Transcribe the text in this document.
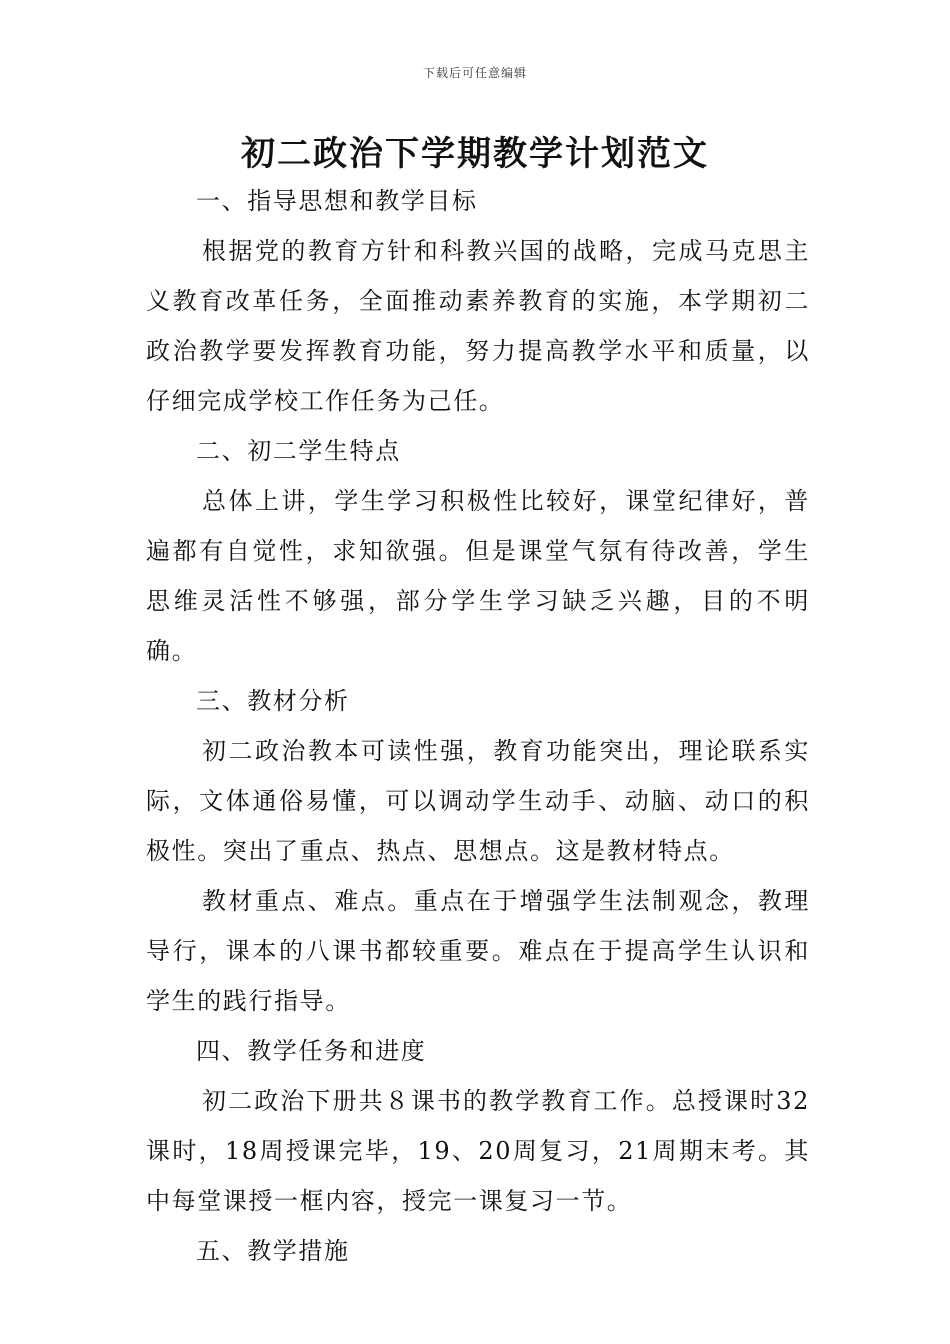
下载后可任意编辑
初二政治下学期教学计划范文

一、指导思想和教学目标

根据党的教育方针和科教兴国的战略，完成马克思主义教育改革任务，全面推动素养教育的实施，本学期初二政治教学要发挥教育功能，努力提高教学水平和质量，以仔细完成学校工作任务为己任。

二、初二学生特点

总体上讲，学生学习积极性比较好，课堂纪律好，普遍都有自觉性，求知欲强。但是课堂气氛有待改善，学生思维灵活性不够强，部分学生学习缺乏兴趣，目的不明确。

三、教材分析

初二政治教本可读性强，教育功能突出，理论联系实际，文体通俗易懂，可以调动学生动手、动脑、动口的积极性。突出了重点、热点、思想点。这是教材特点。

教材重点、难点。重点在于增强学生法制观念，教理导行，课本的八课书都较重要。难点在于提高学生认识和学生的践行指导。

四、教学任务和进度

初二政治下册共８课书的教学教育工作。总授课时32课时，18周授课完毕，19、20周复习，21周期末考。其中每堂课授一框内容，授完一课复习一节。

五、教学措施
